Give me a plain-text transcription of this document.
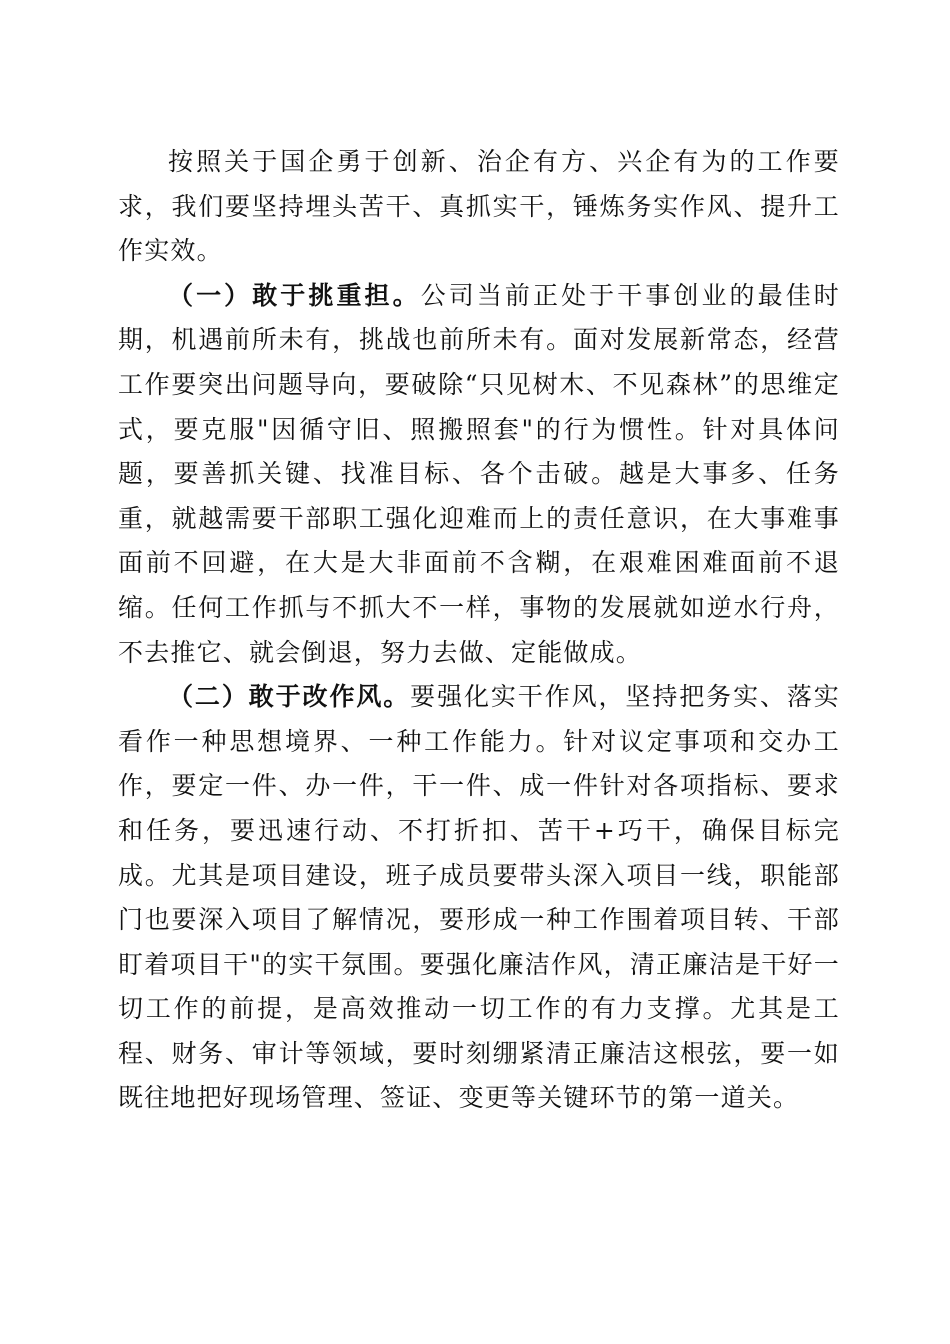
按照关于国企勇于创新、治企有方、兴企有为的工作要求，我们要坚持埋头苦干、真抓实干，锤炼务实作风、提升工作实效。

（一）敢于挑重担。公司当前正处于干事创业的最佳时期，机遇前所未有，挑战也前所未有。面对发展新常态，经营工作要突出问题导向，要破除“只见树木、不见森林”的思维定式，要克服"因循守旧、照搬照套"的行为惯性。针对具体问题，要善抓关键、找准目标、各个击破。越是大事多、任务重，就越需要干部职工强化迎难而上的责任意识，在大事难事面前不回避，在大是大非面前不含糊，在艰难困难面前不退缩。任何工作抓与不抓大不一样，事物的发展就如逆水行舟，不去推它、就会倒退，努力去做、定能做成。

（二）敢于改作风。要强化实干作风，坚持把务实、落实看作一种思想境界、一种工作能力。针对议定事项和交办工作，要定一件、办一件，干一件、成一件针对各项指标、要求和任务，要迅速行动、不打折扣、苦干+巧干，确保目标完成。尤其是项目建设，班子成员要带头深入项目一线，职能部门也要深入项目了解情况，要形成一种工作围着项目转、干部盯着项目干"的实干氛围。要强化廉洁作风，清正廉洁是干好一切工作的前提，是高效推动一切工作的有力支撑。尤其是工程、财务、审计等领域，要时刻绷紧清正廉洁这根弦，要一如既往地把好现场管理、签证、变更等关键环节的第一道关。
